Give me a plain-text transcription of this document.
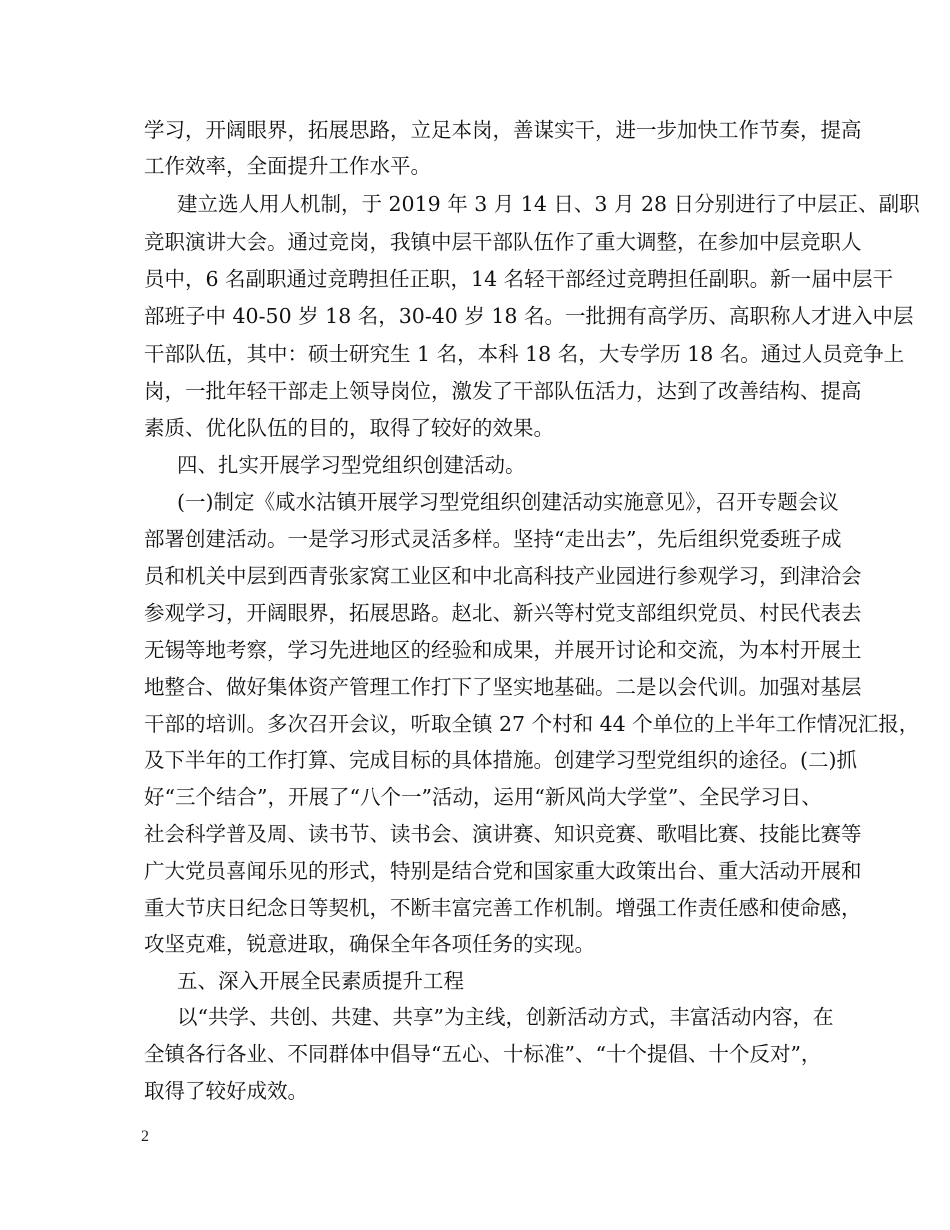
学习，开阔眼界，拓展思路，立足本岗，善谋实干，进一步加快工作节奏，提高
工作效率，全面提升工作水平。
建立选人用人机制，于 2019 年 3 月 14 日、3 月 28 日分别进行了中层正、副职
竞职演讲大会。通过竞岗，我镇中层干部队伍作了重大调整，在参加中层竞职人
员中，6 名副职通过竞聘担任正职，14 名轻干部经过竞聘担任副职。新一届中层干
部班子中 40-50 岁 18 名，30-40 岁 18 名。一批拥有高学历、高职称人才进入中层
干部队伍，其中：硕士研究生 1 名，本科 18 名，大专学历 18 名。通过人员竞争上
岗，一批年轻干部走上领导岗位，激发了干部队伍活力，达到了改善结构、提高
素质、优化队伍的目的，取得了较好的效果。
四、扎实开展学习型党组织创建活动。
(一)制定《咸水沽镇开展学习型党组织创建活动实施意见》，召开专题会议
部署创建活动。一是学习形式灵活多样。坚持“走出去”，先后组织党委班子成
员和机关中层到西青张家窝工业区和中北高科技产业园进行参观学习，到津洽会
参观学习，开阔眼界，拓展思路。赵北、新兴等村党支部组织党员、村民代表去
无锡等地考察，学习先进地区的经验和成果，并展开讨论和交流，为本村开展土
地整合、做好集体资产管理工作打下了坚实地基础。二是以会代训。加强对基层
干部的培训。多次召开会议，听取全镇 27 个村和 44 个单位的上半年工作情况汇报，
及下半年的工作打算、完成目标的具体措施。创建学习型党组织的途径。(二)抓
好“三个结合”，开展了“八个一”活动，运用“新风尚大学堂”、全民学习日、
社会科学普及周、读书节、读书会、演讲赛、知识竞赛、歌唱比赛、技能比赛等
广大党员喜闻乐见的形式，特别是结合党和国家重大政策出台、重大活动开展和
重大节庆日纪念日等契机，不断丰富完善工作机制。增强工作责任感和使命感，
攻坚克难，锐意进取，确保全年各项任务的实现。
五、深入开展全民素质提升工程
以“共学、共创、共建、共享”为主线，创新活动方式，丰富活动内容，在
全镇各行各业、不同群体中倡导“五心、十标准”、“十个提倡、十个反对”，
取得了较好成效。
2
